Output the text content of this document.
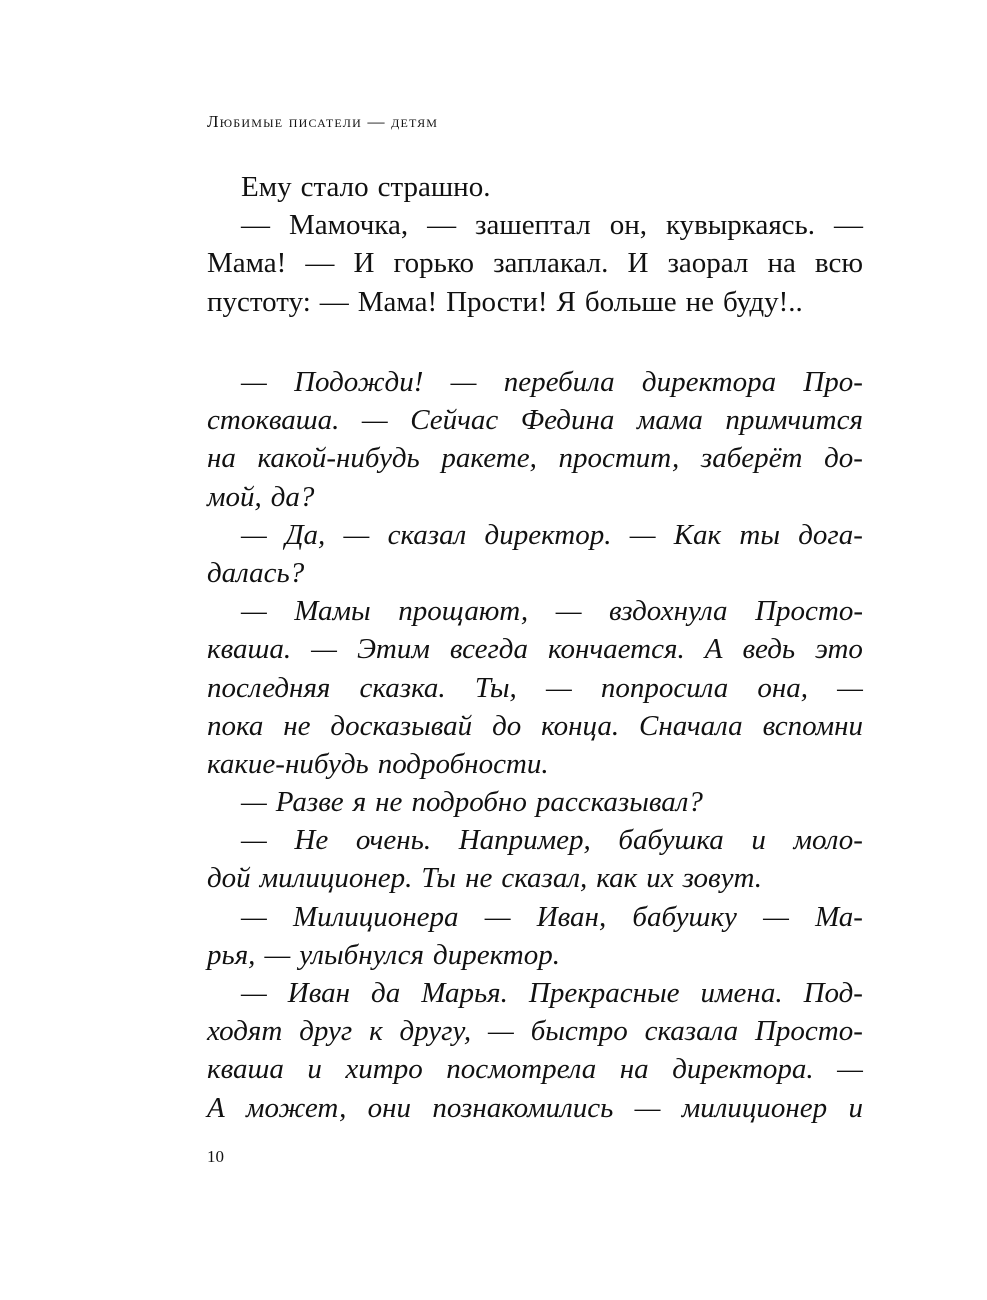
Любимые писатели — детям
Ему стало страшно.
— Мамочка, — зашептал он, кувыркаясь. —
Мама! — И горько заплакал. И заорал на всю
пустоту: — Мама! Прости! Я больше не буду!..
— Подожди! — перебила директора Про-
стокваша. — Сейчас Федина мама примчится
на какой-нибудь ракете, простит, заберёт до-
мой, да?
— Да, — сказал директор. — Как ты дога-
далась?
— Мамы прощают, — вздохнула Просто-
кваша. — Этим всегда кончается. А ведь это
последняя сказка. Ты, — попросила она, —
пока не досказывай до конца. Сначала вспомни
какие-нибудь подробности.
— Разве я не подробно рассказывал?
— Не очень. Например, бабушка и моло-
дой милиционер. Ты не сказал, как их зовут.
— Милиционера — Иван, бабушку — Ма-
рья, — улыбнулся директор.
— Иван да Марья. Прекрасные имена. Под-
ходят друг к другу, — быстро сказала Просто-
кваша и хитро посмотрела на директора. —
А может, они познакомились — милиционер и
10
